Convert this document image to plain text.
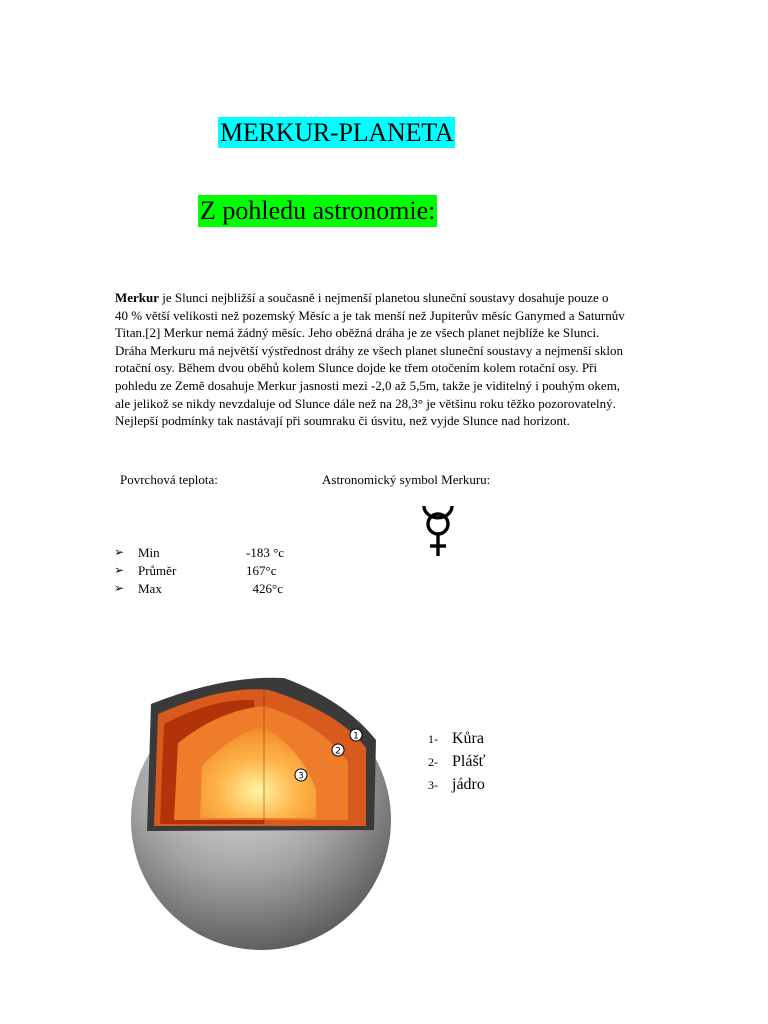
MERKUR-PLANETA
Z pohledu astronomie:

Merkur je Slunci nejbližší a současně i nejmenší planetou sluneční soustavy dosahuje pouze o

40 % větší velikosti než pozemský Měsíc a je tak menší než Jupiterův měsíc Ganymed a Saturnův

Titan.[2] Merkur nemá žádný měsíc. Jeho oběžná dráha je ze všech planet nejblíže ke Slunci.

Dráha Merkuru má největší výstřednost dráhy ze všech planet sluneční soustavy a nejmenší sklon

rotační osy. Během dvou oběhů kolem Slunce dojde ke třem otočením kolem rotační osy. Při

pohledu ze Země dosahuje Merkur jasnosti mezi -2,0 až 5,5m, takže je viditelný i pouhým okem,

ale jelikož se nikdy nevzdaluje od Slunce dále než na 28,3° je většinu roku těžko pozorovatelný.

Nejlepší podmínky tak nastávají při soumraku či úsvitu, než vyjde Slunce nad horizont.

Povrchová teplota:	Astronomický symbol Merkuru:
➢ Min	-183 °c
➢ Průměr	167°c
➢ Max	426°c
1
2
3
1- Kůra
2- Plášť
3- jádro
